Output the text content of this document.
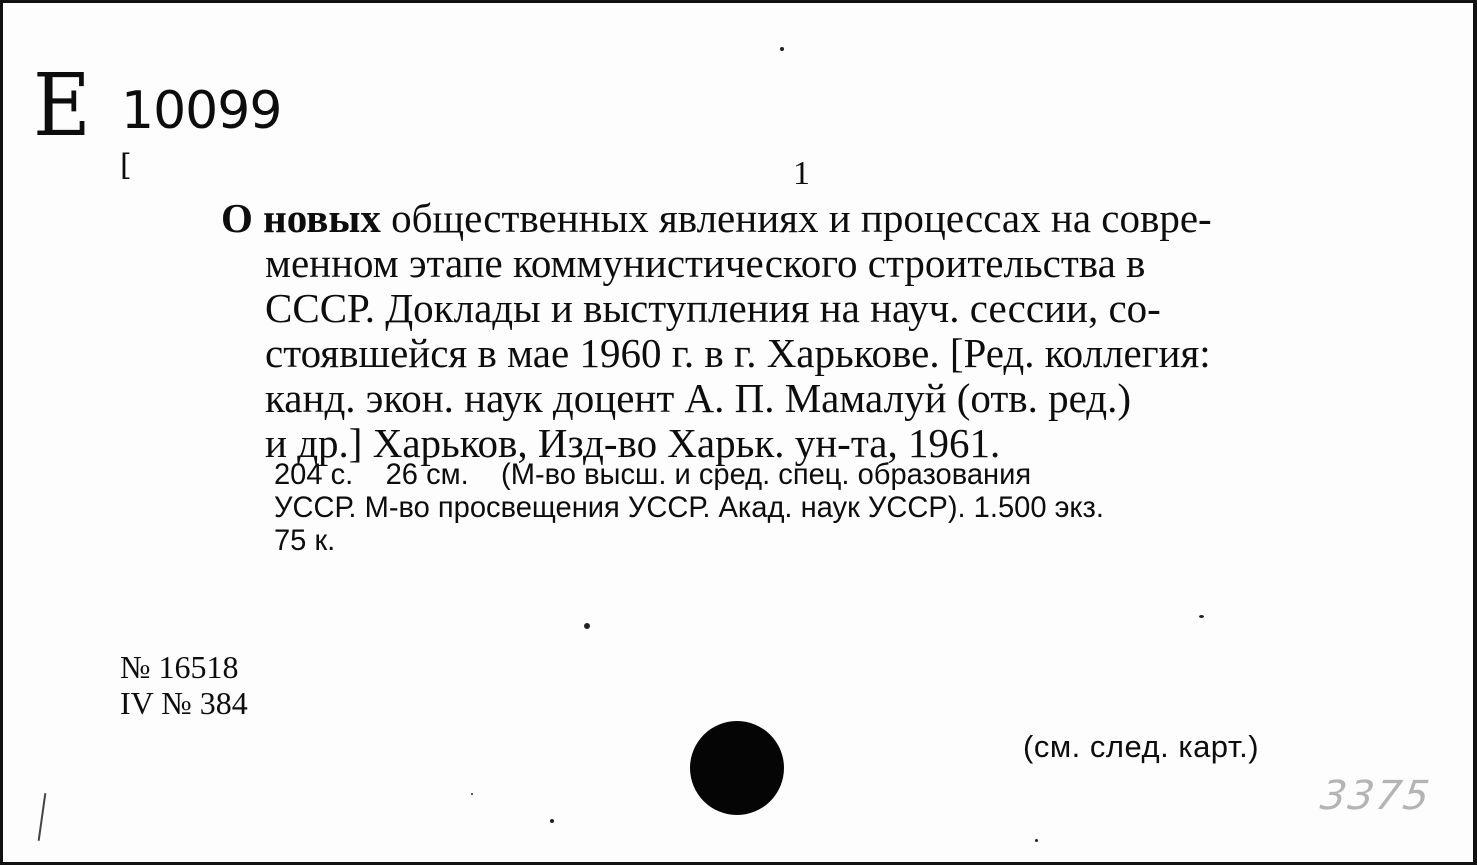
E 10099
[	1
О новых общественных явлениях и процессах на совре-
менном этапе коммунистического строительства в
СССР. Доклады и выступления на науч. сессии, со-
стоявшейся в мае 1960 г. в г. Харькове. [Ред. коллегия:
канд. экон. наук доцент А. П. Мамалуй (отв. ред.)
и др.] Харьков, Изд-во Харьк. ун-та, 1961.
204 с.    26 см.    (М-во высш. и сред. спец. образования
УССР. М-во просвещения УССР. Акад. наук УССР). 1.500 экз.
75 к.
№ 16518
IV № 384
(см. след. карт.)
3375
